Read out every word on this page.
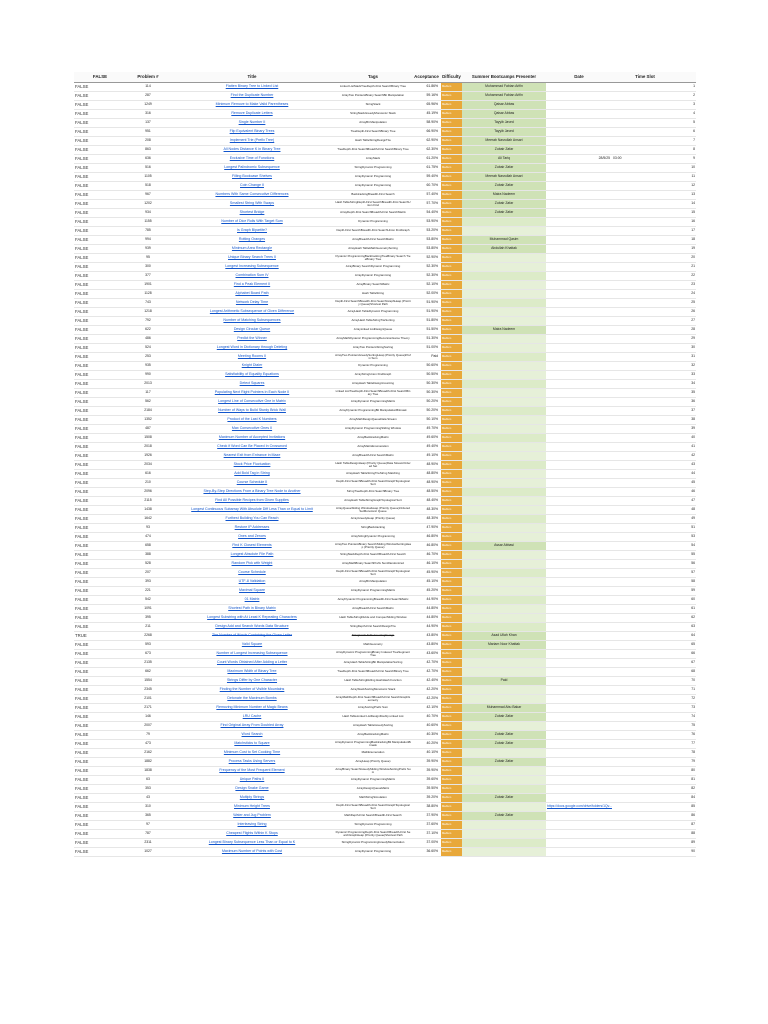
FALSE	Problem #	Title	Tags	Acceptance	Difficulty	Summer Bootcamps Presenter	Date	Time Slot	
FALSE	114	Flatten Binary Tree to Linked List	Linked ListStackTreeDepth-First SearchBinary Tree	61.86%	Medium	Muhammad Fabian Arifin			1
FALSE	287	Find the Duplicate Number	ArrayTwo PointersBinary SearchBit Manipulation	59.16%	Medium	Muhammad Fabian Arifin			2
FALSE	1249	Minimum Remove to Make Valid Parentheses	StringStack	65.96%	Medium	Qaisar Abbas			3
FALSE	316	Remove Duplicate Letters	StringStackGreedyMonotonic Stack	45.19%	Medium	Qaisar Abbas			4
FALSE	137	Single Number II	ArrayBit Manipulation	58.90%	Medium	Tayyib Javed			5
FALSE	951	Flip Equivalent Binary Trees	TreeDepth-First SearchBinary Tree	66.90%	Medium	Tayyib Javed			6
FALSE	208	Implement Trie (Prefix Tree)	Hash TableStringDesignTrie	62.90%	Medium	Meerab Nasrullah Ansari			7
FALSE	863	All Nodes Distance K in Binary Tree	TreeDepth-First SearchBreadth-First SearchBinary Tree	62.30%	Medium	Zubair Zafar			8
FALSE	636	Exclusive Time of Functions	ArrayStack	61.20%	Medium	Ali Tariq	28/5/25	03:00	9
FALSE	516	Longest Palindromic Subsequence	StringDynamic Programming	61.75%	Medium	Zubair Zafar			10
FALSE	1105	Filling Bookcase Shelves	ArrayDynamic Programming	59.40%	Medium	Meerab Nasrullah Ansari			11
FALSE	518	Coin Change II	ArrayDynamic Programming	60.70%	Medium	Zubair Zafar			12
FALSE	967	Numbers With Same Consecutive Differences	BacktrackingBreadth-First Search	57.40%	Medium	Maira Nadeem			13
FALSE	1202	Smallest String With Swaps	Hash TableStringDepth-First SearchBreadth-First SearchUnion Find	57.70%	Medium	Zubair Zafar			14
FALSE	934	Shortest Bridge	ArrayDepth-First SearchBreadth-First SearchMatrix	54.40%	Medium	Zubair Zafar			15
FALSE	1155	Number of Dice Rolls With Target Sum	Dynamic Programming	53.90%	Medium				16
FALSE	785	Is Graph Bipartite?	Depth-First SearchBreadth-First SearchUnion FindGraph	53.20%	Medium				17
FALSE	994	Rotting Oranges	ArrayBreadth-First SearchMatrix	53.80%	Medium	Muhammad Qasim			18
FALSE	939	Minimum Area Rectangle	ArrayHash TableMathGeometrySorting	53.80%	Medium	Abdullah Khattak			19
FALSE	95	Unique Binary Search Trees II	Dynamic ProgrammingBacktrackingTreeBinary Search TreeBinary Tree	52.90%	Medium				20
FALSE	300	Longest Increasing Subsequence	ArrayBinary SearchDynamic Programming	52.30%	Medium				21
FALSE	377	Combination Sum IV	ArrayDynamic Programming	52.30%	Medium				22
FALSE	1901	Find a Peak Element II	ArrayBinary SearchMatrix	52.10%	Medium				23
FALSE	1128	Alphabet Board Path	Hash TableString	52.00%	Medium				24
FALSE	743	Network Delay Time	Depth-First SearchBreadth-First SearchGraphHeap (Priority Queue)Shortest Path	51.90%	Medium				25
FALSE	1218	Longest Arithmetic Subsequence of Given Difference	ArrayHash TableDynamic Programming	51.90%	Medium				26
FALSE	792	Number of Matching Subsequences	ArrayHash TableStringTrieSorting	51.80%	Medium				27
FALSE	622	Design Circular Queue	ArrayLinked ListDesignQueue	51.50%	Medium	Maira Nadeem			28
FALSE	486	Predict the Winner	ArrayMathDynamic ProgrammingRecursionGame Theory	51.30%	Medium				29
FALSE	524	Longest Word in Dictionary through Deleting	ArrayTwo PointersStringSorting	51.00%	Medium				30
FALSE	253	Meeting Rooms II	ArrayTwo PointersGreedySortingHeap (Priority Queue)Prefix Sum	Paid	Medium				31
FALSE	935	Knight Dialer	Dynamic Programming	50.60%	Medium				32
FALSE	990	Satisfiability of Equality Equations	ArrayStringUnion FindGraph	50.50%	Medium				33
FALSE	2013	Detect Squares	ArrayHash TableDesignCounting	50.30%	Medium				34
FALSE	117	Populating Next Right Pointers in Each Node II	Linked ListTreeDepth-First SearchBreadth-First SearchBinary Tree	50.30%	Medium				35
FALSE	562	Longest Line of Consecutive One in Matrix	ArrayDynamic ProgrammingMatrix	50.20%	Medium				36
FALSE	2184	Number of Ways to Build Sturdy Brick Wall	ArrayDynamic ProgrammingBit ManipulationBitmask	50.20%	Medium				37
FALSE	1352	Product of the Last K Numbers	ArrayMathDesignQueueData Stream	50.10%	Medium				38
FALSE	487	Max Consecutive Ones II	ArrayDynamic ProgrammingSliding Window	49.70%	Medium				39
FALSE	1508	Maximum Number of Accepted Invitations	ArrayBacktrackingMatrix	49.60%	Medium				40
FALSE	2018	Check if Word Can Be Placed In Crossword	ArrayMatrixEnumeration	49.40%	Medium				41
FALSE	1926	Nearest Exit from Entrance in Maze	ArrayBreadth-First SearchMatrix	49.10%	Medium				42
FALSE	2034	Stock Price Fluctuation	Hash TableDesignHeap (Priority Queue)Data StreamOrdered Set	48.90%	Medium				43
FALSE	616	Add Bold Tag in String	ArrayHash TableStringTrieString Matching	48.80%	Medium				44
FALSE	210	Course Schedule II	Depth-First SearchBreadth-First SearchGraphTopological Sort	48.90%	Medium				45
FALSE	2096	Step-By-Step Directions From a Binary Tree Node to Another	StringTreeDepth-First SearchBinary Tree	48.50%	Medium				46
FALSE	2115	Find All Possible Recipes from Given Supplies	ArrayHash TableStringGraphTopological Sort	48.40%	Medium				47
FALSE	1438	Longest Continuous Subarray With Absolute Diff Less Than or Equal to Limit	ArrayQueueSliding WindowHeap (Priority Queue)Ordered SetMonotonic Queue	48.30%	Medium				48
FALSE	1642	Furthest Building You Can Reach	ArrayGreedyHeap (Priority Queue)	48.30%	Medium				49
FALSE	93	Restore IP Addresses	StringBacktracking	47.90%	Medium				51
FALSE	474	Ones and Zeroes	ArrayStringDynamic Programming	46.80%	Medium				53
FALSE	658	Find K Closest Elements	ArrayTwo PointersBinary SearchSliding WindowSortingHeap (Priority Queue)	46.80%	Medium	Assar Abbasi			54
FALSE	388	Longest Absolute File Path	StringStackDepth-First SearchBreadth-First Search	46.70%	Medium				55
FALSE	528	Random Pick with Weight	ArrayMathBinary SearchPrefix SumRandomized	46.10%	Medium				56
FALSE	207	Course Schedule	Depth-First SearchBreadth-First SearchGraphTopological Sort	45.90%	Medium				57
FALSE	393	UTF-8 Validation	ArrayBit Manipulation	45.10%	Medium				58
FALSE	221	Maximal Square	ArrayDynamic ProgrammingMatrix	45.20%	Medium				59
FALSE	542	01 Matrix	ArrayDynamic ProgrammingBreadth-First SearchMatrix	44.90%	Medium				60
FALSE	1091	Shortest Path in Binary Matrix	ArrayBreadth-First SearchMatrix	44.80%	Medium				61
FALSE	395	Longest Substring with At Least K Repeating Characters	Hash TableStringDivide and ConquerSliding Window	44.80%	Medium				62
FALSE	211	Design Add and Search Words Data Structure	StringDepth-First SearchDesignTrie	44.90%	Medium				63
TRUE	2268	The Number of Words Containing the Given Letter	StringHash TableCountingDesign	43.80%	Medium	Asad Ullah Khan			64
FALSE	593	Valid Square	MathGeometry	43.80%	Medium	Mariam Noor Khattak			65
FALSE	673	Number of Longest Increasing Subsequence	ArrayDynamic ProgrammingBinary Indexed TreeSegment Tree	43.60%	Medium				66
FALSE	2135	Count Words Obtained After Adding a Letter	ArrayHash TableStringBit ManipulationSorting	42.70%	Medium				67
FALSE	662	Maximum Width of Binary Tree	TreeDepth-First SearchBreadth-First SearchBinary Tree	42.70%	Medium				68
FALSE	1554	Strings Differ by One Character	Hash TableStringRolling HashHash Function	42.40%	Medium	Paid			70
FALSE	2345	Finding the Number of Visible Mountains	ArrayStackSortingMonotonic Stack	42.20%	Medium				71
FALSE	2101	Detonate the Maximum Bombs	ArrayMathDepth-First SearchBreadth-First SearchGraphGeometry	42.20%	Medium				72
FALSE	2171	Removing Minimum Number of Magic Beans	ArraySortingPrefix Sum	42.10%	Medium	Muhammad Abu Bakar			73
FALSE	146	LRU Cache	Hash TableLinked ListDesignDoubly-Linked List	40.70%	Medium	Zubair Zafar			74
FALSE	2007	Find Original Array From Doubled Array	ArrayHash TableGreedySorting	40.60%	Medium				75
FALSE	79	Word Search	ArrayBacktrackingMatrix	40.30%	Medium	Zubair Zafar			76
FALSE	473	Matchsticks to Square	ArrayDynamic ProgrammingBacktrackingBit ManipulationBitmask	40.20%	Medium	Zubair Zafar			77
FALSE	2162	Minimum Cost to Set Cooking Time	MathEnumeration	40.10%	Medium				78
FALSE	1882	Process Tasks Using Servers	ArrayHeap (Priority Queue)	39.90%	Medium	Zubair Zafar			79
FALSE	1838	Frequency of the Most Frequent Element	ArrayBinary SearchGreedySliding WindowSortingPrefix Sum	39.90%	Medium				80
FALSE	63	Unique Paths II	ArrayDynamic ProgrammingMatrix	39.60%	Medium				81
FALSE	353	Design Snake Game	ArrayDesignQueueMatrix	39.50%	Medium				82
FALSE	43	Multiply Strings	MathStringSimulation	39.20%	Medium	Zubair Zafar			84
FALSE	310	Minimum Height Trees	Depth-First SearchBreadth-First SearchGraphTopological Sort	38.80%	Medium		https://docs.google.com/drive/folders/1Qv...		85
FALSE	365	Water and Jug Problem	MathDepth-First SearchBreadth-First Search	37.90%	Medium	Zubair Zafar			86
FALSE	97	Interleaving String	StringDynamic Programming	37.60%	Medium				87
FALSE	787	Cheapest Flights Within K Stops	Dynamic ProgrammingDepth-First SearchBreadth-First SearchGraphHeap (Priority Queue)Shortest Path	37.10%	Medium				88
FALSE	2311	Longest Binary Subsequence Less Than or Equal to K	StringDynamic ProgrammingGreedyMemoization	37.00%	Medium				89
FALSE	1027	Maximum Number of Points with Cost	ArrayDynamic Programming	36.60%	Medium				90
